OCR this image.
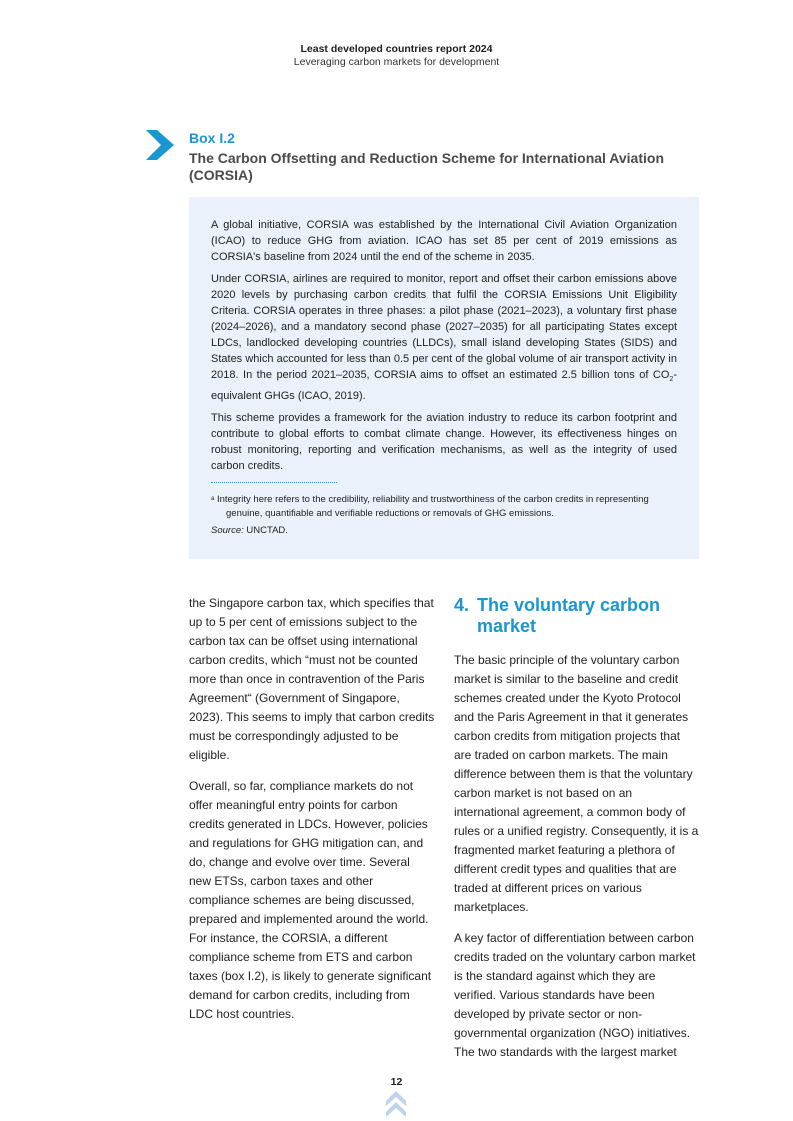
Least developed countries report 2024
Leveraging carbon markets for development
Box I.2
The Carbon Offsetting and Reduction Scheme for International Aviation (CORSIA)

A global initiative, CORSIA was established by the International Civil Aviation Organization (ICAO) to reduce GHG from aviation. ICAO has set 85 per cent of 2019 emissions as CORSIA's baseline from 2024 until the end of the scheme in 2035.

Under CORSIA, airlines are required to monitor, report and offset their carbon emissions above 2020 levels by purchasing carbon credits that fulfil the CORSIA Emissions Unit Eligibility Criteria. CORSIA operates in three phases: a pilot phase (2021–2023), a voluntary first phase (2024–2026), and a mandatory second phase (2027–2035) for all participating States except LDCs, landlocked developing countries (LLDCs), small island developing States (SIDS) and States which accounted for less than 0.5 per cent of the global volume of air transport activity in 2018. In the period 2021–2035, CORSIA aims to offset an estimated 2.5 billion tons of $CO_2$-equivalent GHGs (ICAO, 2019).

This scheme provides a framework for the aviation industry to reduce its carbon footprint and contribute to global efforts to combat climate change. However, its effectiveness hinges on robust monitoring, reporting and verification mechanisms, as well as the integrity of used carbon credits.

$^a$ Integrity here refers to the credibility, reliability and trustworthiness of the carbon credits in representing genuine, quantifiable and verifiable reductions or removals of GHG emissions.
Source: UNCTAD.

the Singapore carbon tax, which specifies that up to 5 per cent of emissions subject to the carbon tax can be offset using international carbon credits, which “must not be counted more than once in contravention of the Paris Agreement“ (Government of Singapore, 2023). This seems to imply that carbon credits must be correspondingly adjusted to be eligible.

Overall, so far, compliance markets do not offer meaningful entry points for carbon credits generated in LDCs. However, policies and regulations for GHG mitigation can, and do, change and evolve over time. Several new ETSs, carbon taxes and other compliance schemes are being discussed, prepared and implemented around the world. For instance, the CORSIA, a different compliance scheme from ETS and carbon taxes (box I.2), is likely to generate significant demand for carbon credits, including from LDC host countries.

4. The voluntary carbon market

The basic principle of the voluntary carbon market is similar to the baseline and credit schemes created under the Kyoto Protocol and the Paris Agreement in that it generates carbon credits from mitigation projects that are traded on carbon markets. The main difference between them is that the voluntary carbon market is not based on an international agreement, a common body of rules or a unified registry. Consequently, it is a fragmented market featuring a plethora of different credit types and qualities that are traded at different prices on various marketplaces.

A key factor of differentiation between carbon credits traded on the voluntary carbon market is the standard against which they are verified. Various standards have been developed by private sector or non-governmental organization (NGO) initiatives. The two standards with the largest market

12
